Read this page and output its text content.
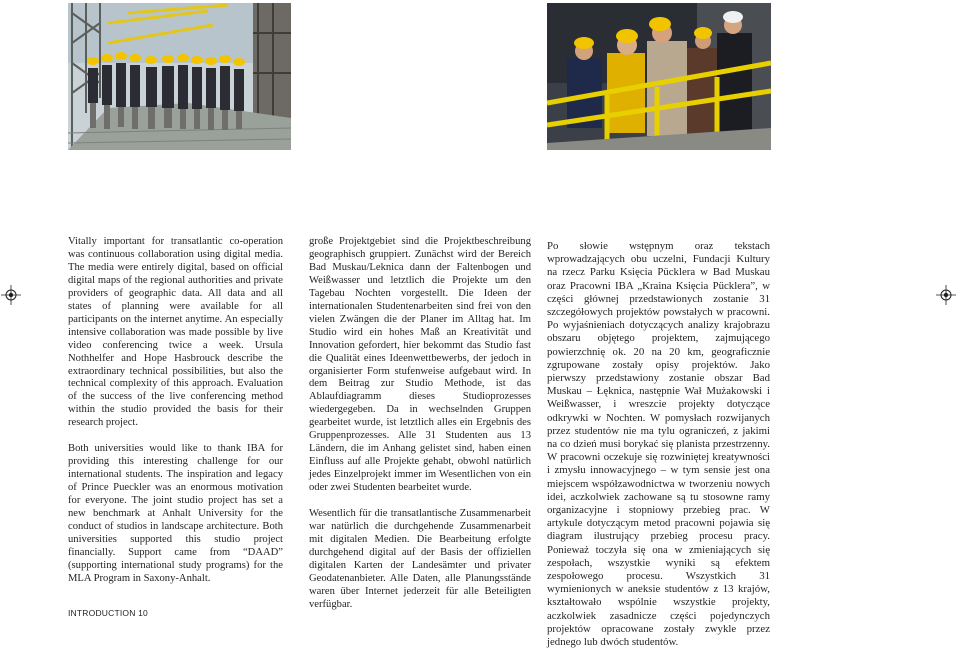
Vitally important for transatlantic co-operation was continuous collaboration using digital media. The media were entirely digital, based on official digital maps of the regional authorities and private providers of geographic data. All data and all states of planning were available for all participants on the internet anytime. An especially intensive collaboration was made possible by live video conferencing twice a week. Ursula Nothhelfer and Hope Hasbrouck describe the extraordinary technical possibilities, but also the technical complexity of this approach. Evaluation of the success of the live conferencing method within the studio provided the basis for their research project.

Both universities would like to thank IBA for providing this interesting challenge for our international students. The inspiration and legacy of Prince Pueckler was an enormous motivation for everyone. The joint studio project has set a new benchmark at Anhalt University for the conduct of studios in landscape architecture. Both universities supported this studio project financially. Support came from “DAAD” (supporting international study programs) for the MLA Program in Saxony-Anhalt.

große Projektgebiet sind die Projektbeschreibung geographisch gruppiert. Zunächst wird der Bereich Bad Muskau/Leknica dann der Faltenbogen und Weißwasser und letztlich die Projekte um den Tagebau Nochten vorgestellt. Die Ideen der internationalen Studentenarbeiten sind frei von den vielen Zwängen die der Planer im Alltag hat. Im Studio wird ein hohes Maß an Kreativität und Innovation gefordert, hier bekommt das Studio fast die Qualität eines Ideenwettbewerbs, der jedoch in organisierter Form stufenweise aufgebaut wird. In dem Beitrag zur Studio Methode, ist das Ablaufdiagramm dieses Studioprozesses wiedergegeben. Da in wechselnden Gruppen gearbeitet wurde, ist letztlich alles ein Ergebnis des Gruppenprozesses. Alle 31 Studenten aus 13 Ländern, die im Anhang gelistet sind, haben einen Einfluss auf alle Projekte gehabt, obwohl natürlich jedes Einzelprojekt immer im Wesentlichen von ein oder zwei Studenten bearbeitet wurde.

Wesentlich für die transatlantische Zusammenarbeit war natürlich die durchgehende Zusammenarbeit mit digitalen Medien. Die Bearbeitung erfolgte durchgehend digital auf der Basis der offiziellen digitalen Karten der Landesämter und privater Geodatenanbieter. Alle Daten, alle Planungsstände waren über Internet jederzeit für alle Beteiligten verfügbar.

Po słowie wstępnym oraz tekstach wprowadzających obu uczelni, Fundacji Kultury na rzecz Parku Księcia Pücklera w Bad Muskau oraz Pracowni IBA „Kraina Księcia Pücklera”, w części głównej przedstawionych zostanie 31 szczegółowych projektów powstałych w pracowni. Po wyjaśnieniach dotyczących analizy krajobrazu obszaru objętego projektem, zajmującego powierzchnię ok. 20 na 20 km, geograficznie zgrupowane zostały opisy projektów. Jako pierwszy przedstawiony zostanie obszar Bad Muskau – Łęknica, następnie Wał Mużakowski i Weißwasser, i wreszcie projekty dotyczące odkrywki w Nochten. W pomysłach rozwijanych przez studentów nie ma tylu ograniczeń, z jakimi na co dzień musi borykać się planista przestrzenny. W pracowni oczekuje się rozwiniętej kreatywności i zmysłu innowacyjnego – w tym sensie jest ona miejscem współzawodnictwa w tworzeniu nowych idei, aczkolwiek zachowane są tu stosowne ramy organizacyjne i stopniowy przebieg prac. W artykule dotyczącym metod pracowni pojawia się diagram ilustrujący przebieg procesu pracy. Ponieważ toczyła się ona w zmieniających się zespołach, wszystkie wyniki są efektem zespołowego procesu. Wszystkich 31 wymienionych w aneksie studentów z 13 krajów, kształtowało wspólnie wszystkie projekty, aczkolwiek zasadnicze części pojedynczych projektów opracowane zostały zwykle przez jednego lub dwóch studentów.

INTRODUCTION 10
